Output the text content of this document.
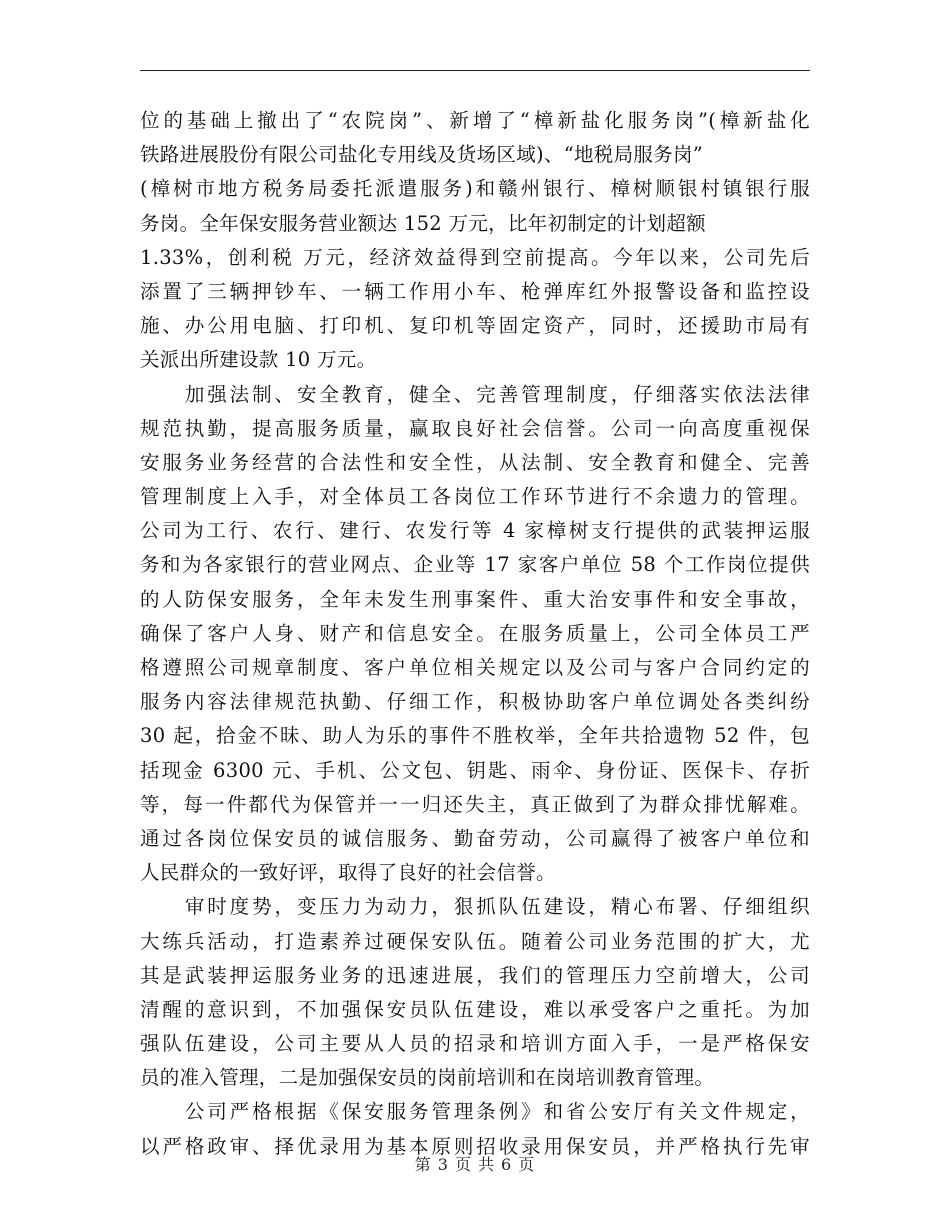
位的基础上撤出了“农院岗”、新增了“樟新盐化服务岗”(樟新盐化
铁路进展股份有限公司盐化专用线及货场区域)、“地税局服务岗”
(樟树市地方税务局委托派遣服务)和赣州银行、樟树顺银村镇银行服
务岗。全年保安服务营业额达 152 万元，比年初制定的计划超额
1.33%，创利税 万元，经济效益得到空前提高。今年以来，公司先后
添置了三辆押钞车、一辆工作用小车、枪弹库红外报警设备和监控设
施、办公用电脑、打印机、复印机等固定资产，同时，还援助市局有
关派出所建设款 10 万元。
　　加强法制、安全教育，健全、完善管理制度，仔细落实依法法律
规范执勤，提高服务质量，赢取良好社会信誉。公司一向高度重视保
安服务业务经营的合法性和安全性，从法制、安全教育和健全、完善
管理制度上入手，对全体员工各岗位工作环节进行不余遗力的管理。
公司为工行、农行、建行、农发行等 4 家樟树支行提供的武装押运服
务和为各家银行的营业网点、企业等 17 家客户单位 58 个工作岗位提供
的人防保安服务，全年未发生刑事案件、重大治安事件和安全事故，
确保了客户人身、财产和信息安全。在服务质量上，公司全体员工严
格遵照公司规章制度、客户单位相关规定以及公司与客户合同约定的
服务内容法律规范执勤、仔细工作，积极协助客户单位调处各类纠纷
30 起，拾金不昧、助人为乐的事件不胜枚举，全年共拾遗物 52 件，包
括现金 6300 元、手机、公文包、钥匙、雨伞、身份证、医保卡、存折
等，每一件都代为保管并一一归还失主，真正做到了为群众排忧解难。
通过各岗位保安员的诚信服务、勤奋劳动，公司赢得了被客户单位和
人民群众的一致好评，取得了良好的社会信誉。
　　审时度势，变压力为动力，狠抓队伍建设，精心布署、仔细组织
大练兵活动，打造素养过硬保安队伍。随着公司业务范围的扩大，尤
其是武装押运服务业务的迅速进展，我们的管理压力空前增大，公司
清醒的意识到，不加强保安员队伍建设，难以承受客户之重托。为加
强队伍建设，公司主要从人员的招录和培训方面入手，一是严格保安
员的准入管理，二是加强保安员的岗前培训和在岗培训教育管理。
　　公司严格根据《保安服务管理条例》和省公安厅有关文件规定，
以严格政审、择优录用为基本原则招收录用保安员，并严格执行先审
第 3 页 共 6 页
